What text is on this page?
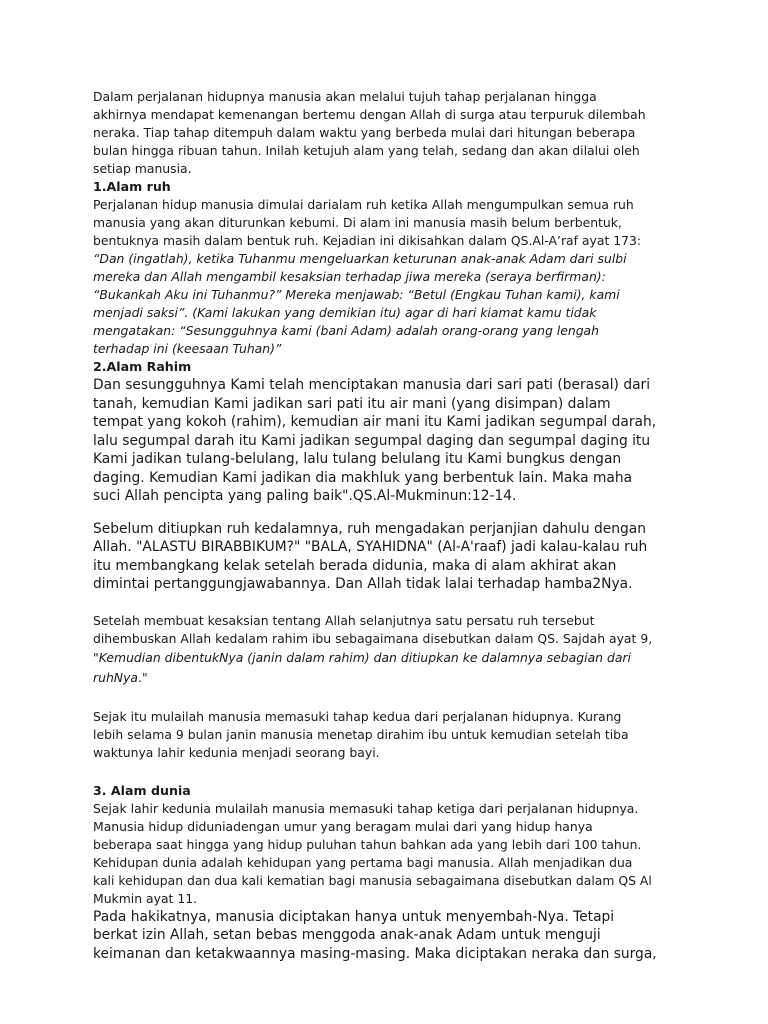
Dalam perjalanan hidupnya manusia akan melalui tujuh tahap perjalanan hingga
akhirnya mendapat kemenangan bertemu dengan Allah di surga atau terpuruk dilembah
neraka. Tiap tahap ditempuh dalam waktu yang berbeda mulai dari hitungan beberapa
bulan hingga ribuan tahun. Inilah ketujuh alam yang telah, sedang dan akan dilalui oleh
setiap manusia.
1.Alam ruh
Perjalanan hidup manusia dimulai darialam ruh ketika Allah mengumpulkan semua ruh
manusia yang akan diturunkan kebumi. Di alam ini manusia masih belum berbentuk,
bentuknya masih dalam bentuk ruh. Kejadian ini dikisahkan dalam QS.Al-A’raf ayat 173:
“Dan (ingatlah), ketika Tuhanmu mengeluarkan keturunan anak-anak Adam dari sulbi
mereka dan Allah mengambil kesaksian terhadap jiwa mereka (seraya berfirman):
“Bukankah Aku ini Tuhanmu?” Mereka menjawab: “Betul (Engkau Tuhan kami), kami
menjadi saksi”. (Kami lakukan yang demikian itu) agar di hari kiamat kamu tidak
mengatakan: “Sesungguhnya kami (bani Adam) adalah orang-orang yang lengah
terhadap ini (keesaan Tuhan)”
2.Alam Rahim
Dan sesungguhnya Kami telah menciptakan manusia dari sari pati (berasal) dari
tanah, kemudian Kami jadikan sari pati itu air mani (yang disimpan) dalam
tempat yang kokoh (rahim), kemudian air mani itu Kami jadikan segumpal darah,
lalu segumpal darah itu Kami jadikan segumpal daging dan segumpal daging itu
Kami jadikan tulang-belulang, lalu tulang belulang itu Kami bungkus dengan
daging. Kemudian Kami jadikan dia makhluk yang berbentuk lain. Maka maha
suci Allah pencipta yang paling baik".QS.Al-Mukminun:12-14.
Sebelum ditiupkan ruh kedalamnya, ruh mengadakan perjanjian dahulu dengan
Allah. "ALASTU BIRABBIKUM?" "BALA, SYAHIDNA" (Al-A'raaf) jadi kalau-kalau ruh
itu membangkang kelak setelah berada didunia, maka di alam akhirat akan
dimintai pertanggungjawabannya. Dan Allah tidak lalai terhadap hamba2Nya.
Setelah membuat kesaksian tentang Allah selanjutnya satu persatu ruh tersebut
dihembuskan Allah kedalam rahim ibu sebagaimana disebutkan dalam QS. Sajdah ayat 9,
"Kemudian dibentukNya (janin dalam rahim) dan ditiupkan ke dalamnya sebagian dari
ruhNya."
Sejak itu mulailah manusia memasuki tahap kedua dari perjalanan hidupnya. Kurang
lebih selama 9 bulan janin manusia menetap dirahim ibu untuk kemudian setelah tiba
waktunya lahir kedunia menjadi seorang bayi.
3. Alam dunia
Sejak lahir kedunia mulailah manusia memasuki tahap ketiga dari perjalanan hidupnya.
Manusia hidup diduniadengan umur yang beragam mulai dari yang hidup hanya
beberapa saat hingga yang hidup puluhan tahun bahkan ada yang lebih dari 100 tahun.
Kehidupan dunia adalah kehidupan yang pertama bagi manusia. Allah menjadikan dua
kali kehidupan dan dua kali kematian bagi manusia sebagaimana disebutkan dalam QS Al
Mukmin ayat 11.
Pada hakikatnya, manusia diciptakan hanya untuk menyembah-Nya. Tetapi
berkat izin Allah, setan bebas menggoda anak-anak Adam untuk menguji
keimanan dan ketakwaannya masing-masing. Maka diciptakan neraka dan surga,
